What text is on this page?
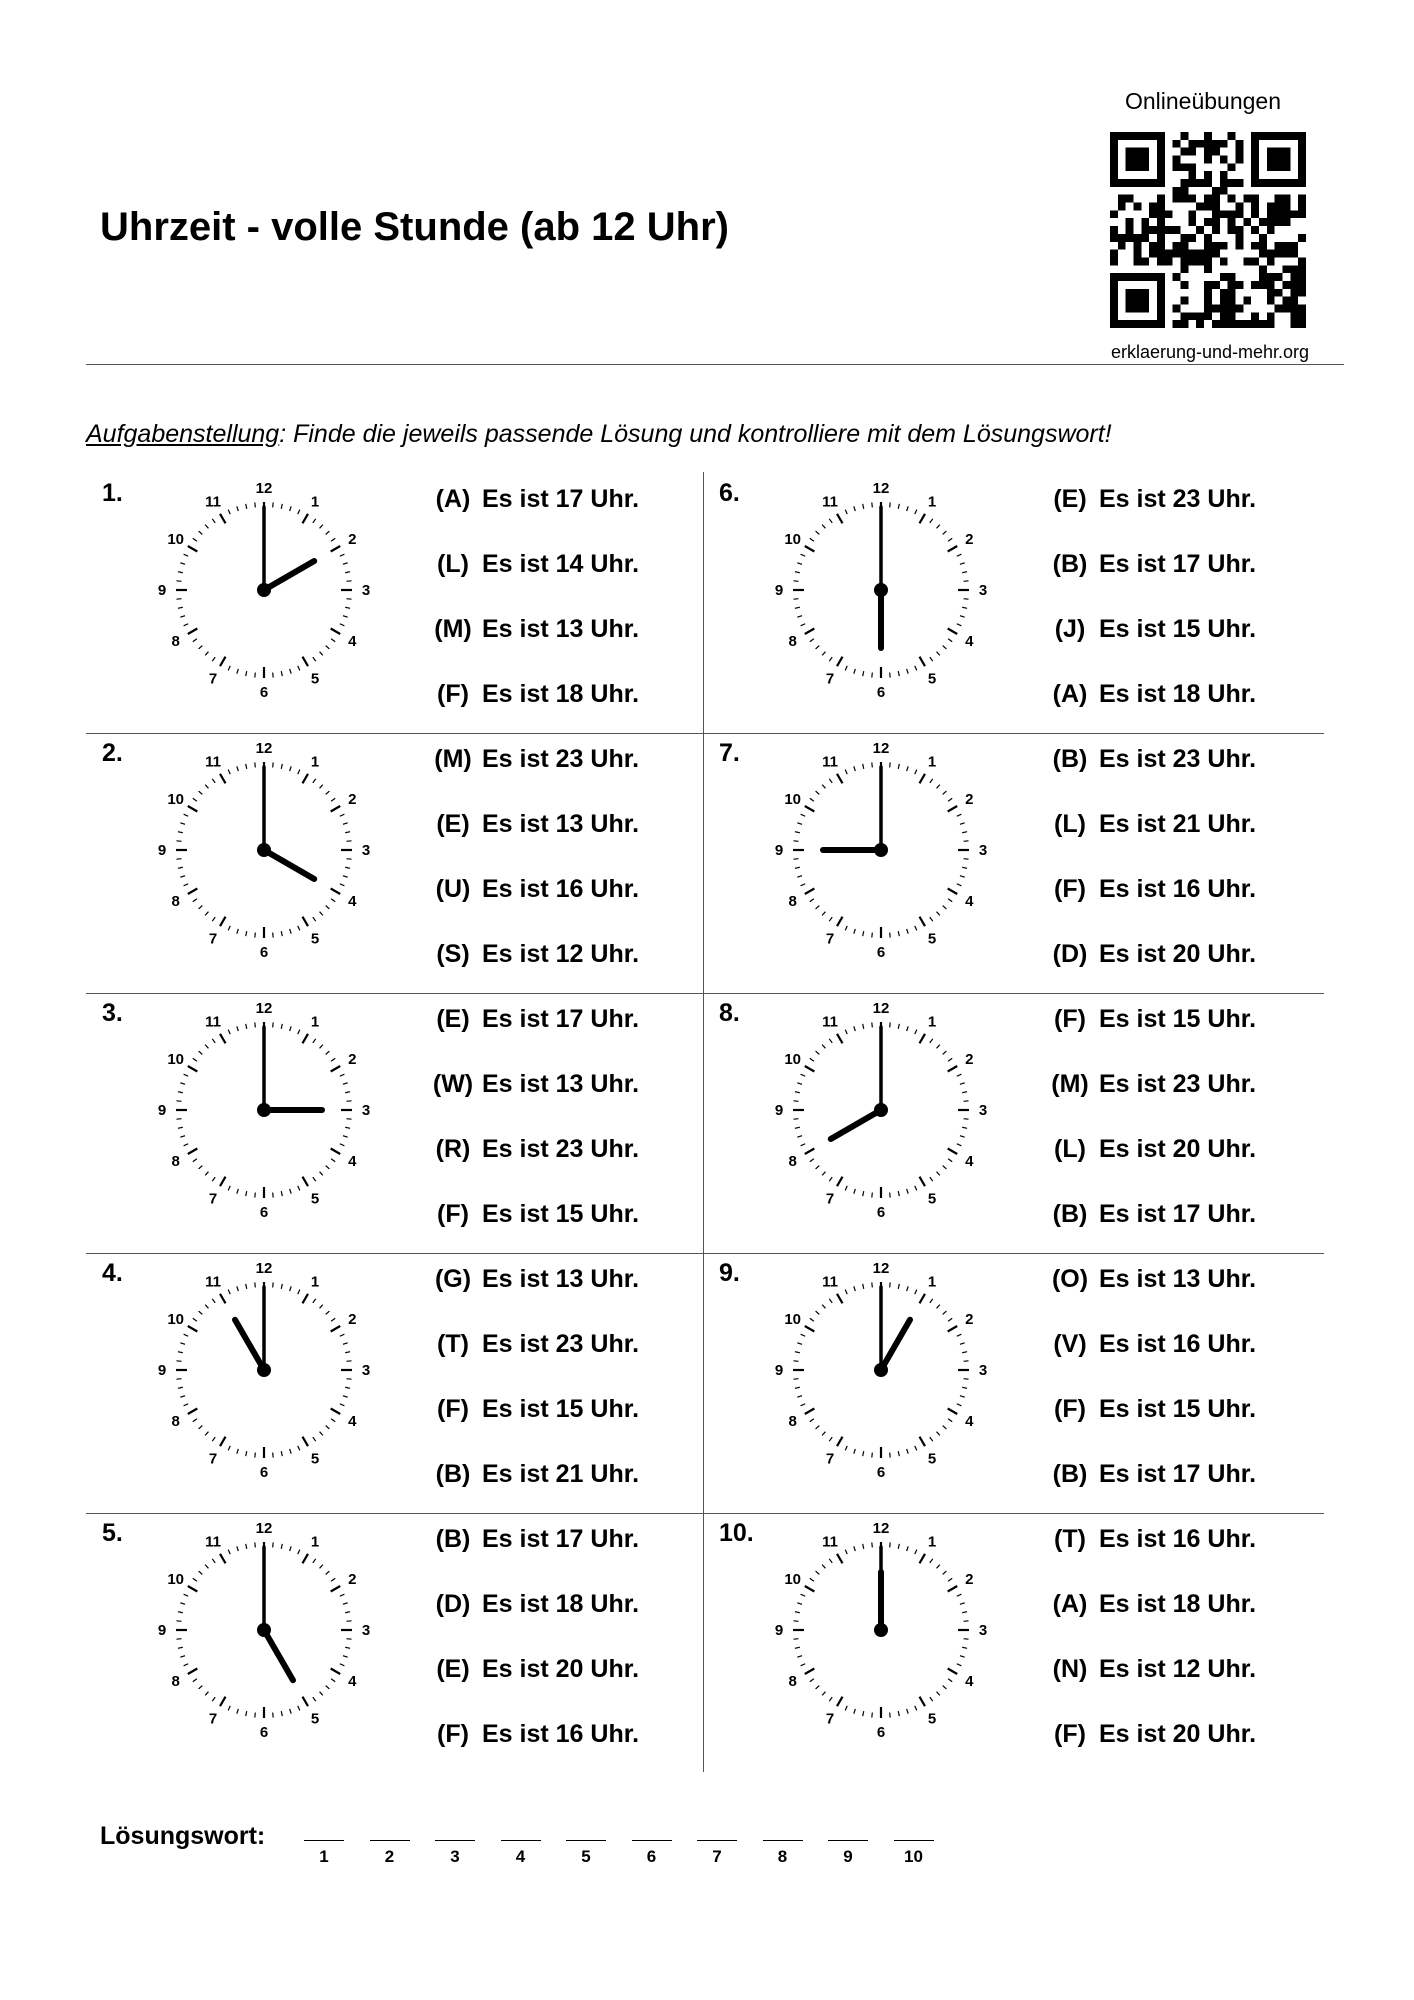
Uhrzeit - volle Stunde (ab 12 Uhr)
Onlineübungen
erklaerung-und-mehr.org
Aufgabenstellung: Finde die jeweils passende Lösung und kontrolliere mit dem Lösungswort!
1.	12
1
2
3
4
5
6
7
8
9
10
11	(A) Es ist 17 Uhr.
(L) Es ist 14 Uhr.
(M) Es ist 13 Uhr.
(F) Es ist 18 Uhr.
2.	12
1
2
3
4
5
6
7
8
9
10
11	(M) Es ist 23 Uhr.
(E) Es ist 13 Uhr.
(U) Es ist 16 Uhr.
(S) Es ist 12 Uhr.
3.	12
1
2
3
4
5
6
7
8
9
10
11	(E) Es ist 17 Uhr.
(W) Es ist 13 Uhr.
(R) Es ist 23 Uhr.
(F) Es ist 15 Uhr.
4.	12
1
2
3
4
5
6
7
8
9
10
11	(G) Es ist 13 Uhr.
(T) Es ist 23 Uhr.
(F) Es ist 15 Uhr.
(B) Es ist 21 Uhr.
5.	12
1
2
3
4
5
6
7
8
9
10
11	(B) Es ist 17 Uhr.
(D) Es ist 18 Uhr.
(E) Es ist 20 Uhr.
(F) Es ist 16 Uhr.
6.	12
1
2
3
4
5
6
7
8
9
10
11	(E) Es ist 23 Uhr.
(B) Es ist 17 Uhr.
(J) Es ist 15 Uhr.
(A) Es ist 18 Uhr.
7.	12
1
2
3
4
5
6
7
8
9
10
11	(B) Es ist 23 Uhr.
(L) Es ist 21 Uhr.
(F) Es ist 16 Uhr.
(D) Es ist 20 Uhr.
8.	12
1
2
3
4
5
6
7
8
9
10
11	(F) Es ist 15 Uhr.
(M) Es ist 23 Uhr.
(L) Es ist 20 Uhr.
(B) Es ist 17 Uhr.
9.	12
1
2
3
4
5
6
7
8
9
10
11	(O) Es ist 13 Uhr.
(V) Es ist 16 Uhr.
(F) Es ist 15 Uhr.
(B) Es ist 17 Uhr.
10.	12
1
2
3
4
5
6
7
8
9
10
11	(T) Es ist 16 Uhr.
(A) Es ist 18 Uhr.
(N) Es ist 12 Uhr.
(F) Es ist 20 Uhr.
Lösungswort:
1	2	3	4	5	6	7	8	9	10
